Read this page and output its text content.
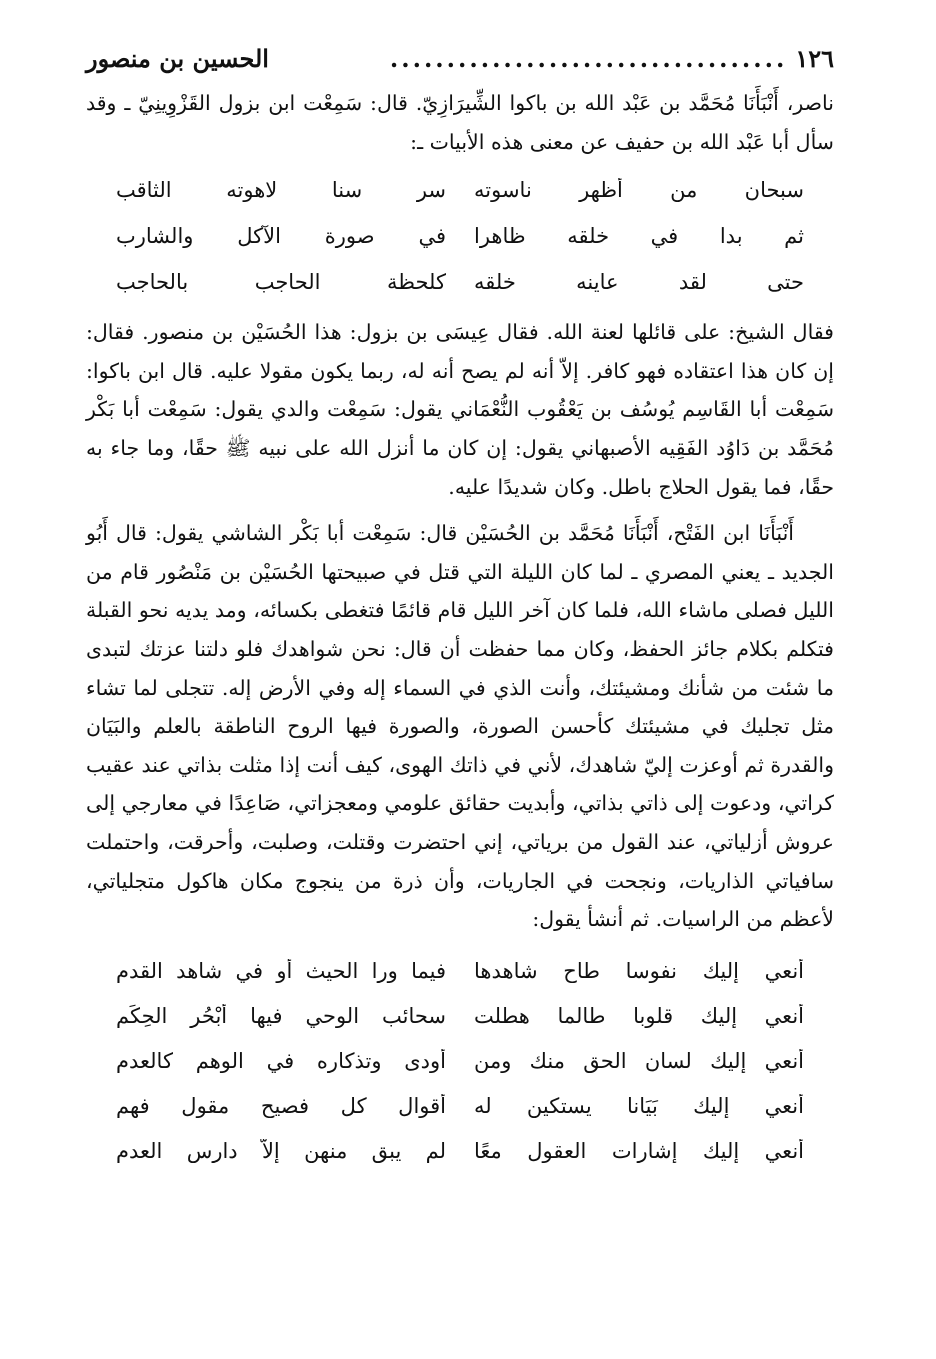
١٢٦
...................................
الحسين بن منصور

ناصر، أَنْبَأَنَا مُحَمَّد بن عَبْد الله بن باكوا الشِّيرَازِيّ. قال: سَمِعْت ابن بزول القَزْوِينِيّ ـ وقد سأل أبا عَبْد الله بن حفيف عن معنى هذه الأبيات ـ:

سبحان من أظهر ناسوته
سر سنا لاهوته الثاقب
ثم بدا في خلقه ظاهرا
في صورة الآكل والشارب
حتى لقد عاينه خلقه
كلحظة الحاجب بالحاجب

فقال الشيخ: على قائلها لعنة الله. فقال عِيسَى بن بزول: هذا الحُسَيْن بن منصور. فقال: إن كان هذا اعتقاده فهو كافر. إلاّ أنه لم يصح أنه له، ربما يكون مقولا عليه. قال ابن باكوا: سَمِعْت أبا القَاسِم يُوسُف بن يَعْقُوب النُّعْمَاني يقول: سَمِعْت والدي يقول: سَمِعْت أبا بَكْر مُحَمَّد بن دَاوُد الفَقِيه الأصبهاني يقول: إن كان ما أنزل الله على نبيه ﷺ حقًا، وما جاء به حقًا، فما يقول الحلاج باطل. وكان شديدًا عليه.

أَنْبَأَنَا ابن الفَتْح، أَنْبَأَنَا مُحَمَّد بن الحُسَيْن قال: سَمِعْت أبا بَكْر الشاشي يقول: قال أَبُو الجديد ـ يعني المصري ـ لما كان الليلة التي قتل في صبيحتها الحُسَيْن بن مَنْصُور قام من الليل فصلى ماشاء الله، فلما كان آخر الليل قام قائمًا فتغطى بكسائه، ومد يديه نحو القبلة فتكلم بكلام جائز الحفظ، وكان مما حفظت أن قال: نحن شواهدك فلو دلتنا عزتك لتبدى ما شئت من شأنك ومشيئتك، وأنت الذي في السماء إله وفي الأرض إله. تتجلى لما تشاء مثل تجليك في مشيئتك كأحسن الصورة، والصورة فيها الروح الناطقة بالعلم والبَيَان والقدرة ثم أوعزت إليّ شاهدك، لأني في ذاتك الهوى، كيف أنت إذا مثلت بذاتي عند عقيب كراتي، ودعوت إلى ذاتي بذاتي، وأبديت حقائق علومي ومعجزاتي، صَاعِدًا في معارجي إلى عروش أزلياتي، عند القول من برياتي، إني احتضرت وقتلت، وصلبت، وأحرقت، واحتملت سافياتي الذاريات، ونجحت في الجاريات، وأن ذرة من ينجوج مكان هاكول متجلياتي، لأعظم من الراسيات. ثم أنشأ يقول:

أنعي إليك نفوسا طاح شاهدها
فيما ورا الحيث أو في شاهد القدم
أنعي إليك قلوبا طالما هطلت
سحائب الوحي فيها أبْحُر الحِكَم
أنعي إليك لسان الحق منك ومن
أودى وتذكاره في الوهم كالعدم
أنعي إليك بَيَانا يستكين له
أقوال كل فصيح مقول فهم
أنعي إليك إشارات العقول معًا
لم يبق منهن إلاّ دارس العدم
